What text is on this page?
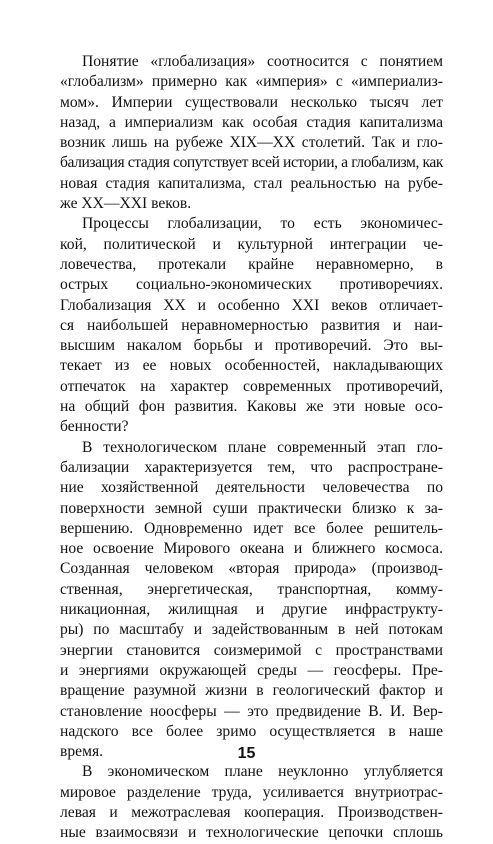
Понятие «глобализация» соотносится с понятием
«глобализм» примерно как «империя» с «империализ-
мом». Империи существовали несколько тысяч лет
назад, а империализм как особая стадия капитализма
возник лишь на рубеже XIX—XX столетий. Так и гло-
бализация стадия сопутствует всей истории, а глобализм, как
новая стадия капитализма, стал реальностью на рубе-
же XX—XXI веков.
Процессы глобализации, то есть экономичес-
кой, политической и культурной интеграции че-
ловечества, протекали крайне неравномерно, в
острых социально-экономических противоречиях.
Глобализация XX и особенно XXI веков отличает-
ся наибольшей неравномерностью развития и наи-
высшим накалом борьбы и противоречий. Это вы-
текает из ее новых особенностей, накладывающих
отпечаток на характер современных противоречий,
на общий фон развития. Каковы же эти новые осо-
бенности?
В технологическом плане современный этап гло-
бализации характеризуется тем, что распростране-
ние хозяйственной деятельности человечества по
поверхности земной суши практически близко к за-
вершению. Одновременно идет все более решитель-
ное освоение Мирового океана и ближнего космоса.
Созданная человеком «вторая природа» (производ-
ственная, энергетическая, транспортная, комму-
никационная, жилищная и другие инфраструкту-
ры) по масштабу и задействованным в ней потокам
энергии становится соизмеримой с пространствами
и энергиями окружающей среды — геосферы. Пре-
вращение разумной жизни в геологический фактор и
становление ноосферы — это предвидение В. И. Вер-
надского все более зримо осуществляется в наше
время.
В экономическом плане неуклонно углубляется
мировое разделение труда, усиливается внутриотрас-
левая и межотраслевая кооперация. Производствен-
ные взаимосвязи и технологические цепочки сплошь
15
